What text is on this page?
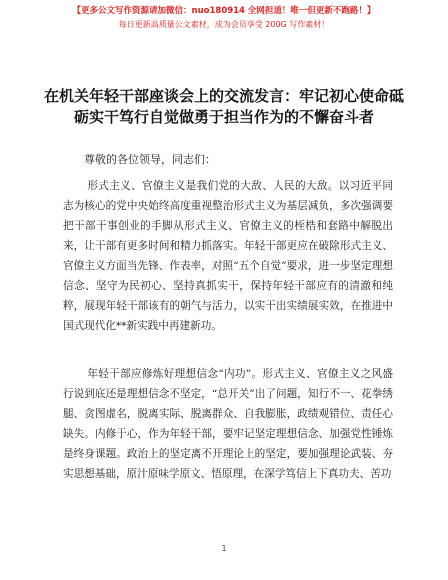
【更多公文写作资源请加微信：nuo180914 全网担道！唯一但更新不跑路！】
每日更新高质量公文素材，成为会员享受 200G 写作素材！
在机关年轻干部座谈会上的交流发言：牢记初心使命砥砺实干笃行自觉做勇于担当作为的不懈奋斗者
尊敬的各位领导，同志们：

形式主义、官僚主义是我们党的大敌、人民的大敌。以习近平同志为核心的党中央始终高度重视整治形式主义为基层减负，多次强调要把干部干事创业的手脚从形式主义、官僚主义的桎梏和套路中解脱出来，让干部有更多时间和精力抓落实。年轻干部更应在破除形式主义、官僚主义方面当先锋、作表率，对照“五个自觉”要求，进一步坚定理想信念、坚守为民初心、坚持真抓实干，保持年轻干部应有的清澈和纯粹，展现年轻干部该有的朝气与活力，以实干出实绩展实效，在推进中国式现代化**新实践中再建新功。

年轻干部应修炼好理想信念“内功”。形式主义、官僚主义之风盛行说到底还是理想信念不坚定，“总开关”出了问题，知行不一、花拳绣腿、贪图虚名，脱离实际、脱离群众、自我膨胀，政绩观错位、责任心缺失。内修于心，作为年轻干部，要牢记坚定理想信念、加强党性锤炼是终身课题。政治上的坚定离不开理论上的坚定，要加强理论武装、夯实思想基础，原汁原味学原文、悟原理，在深学笃信上下真功夫、苦功

1
